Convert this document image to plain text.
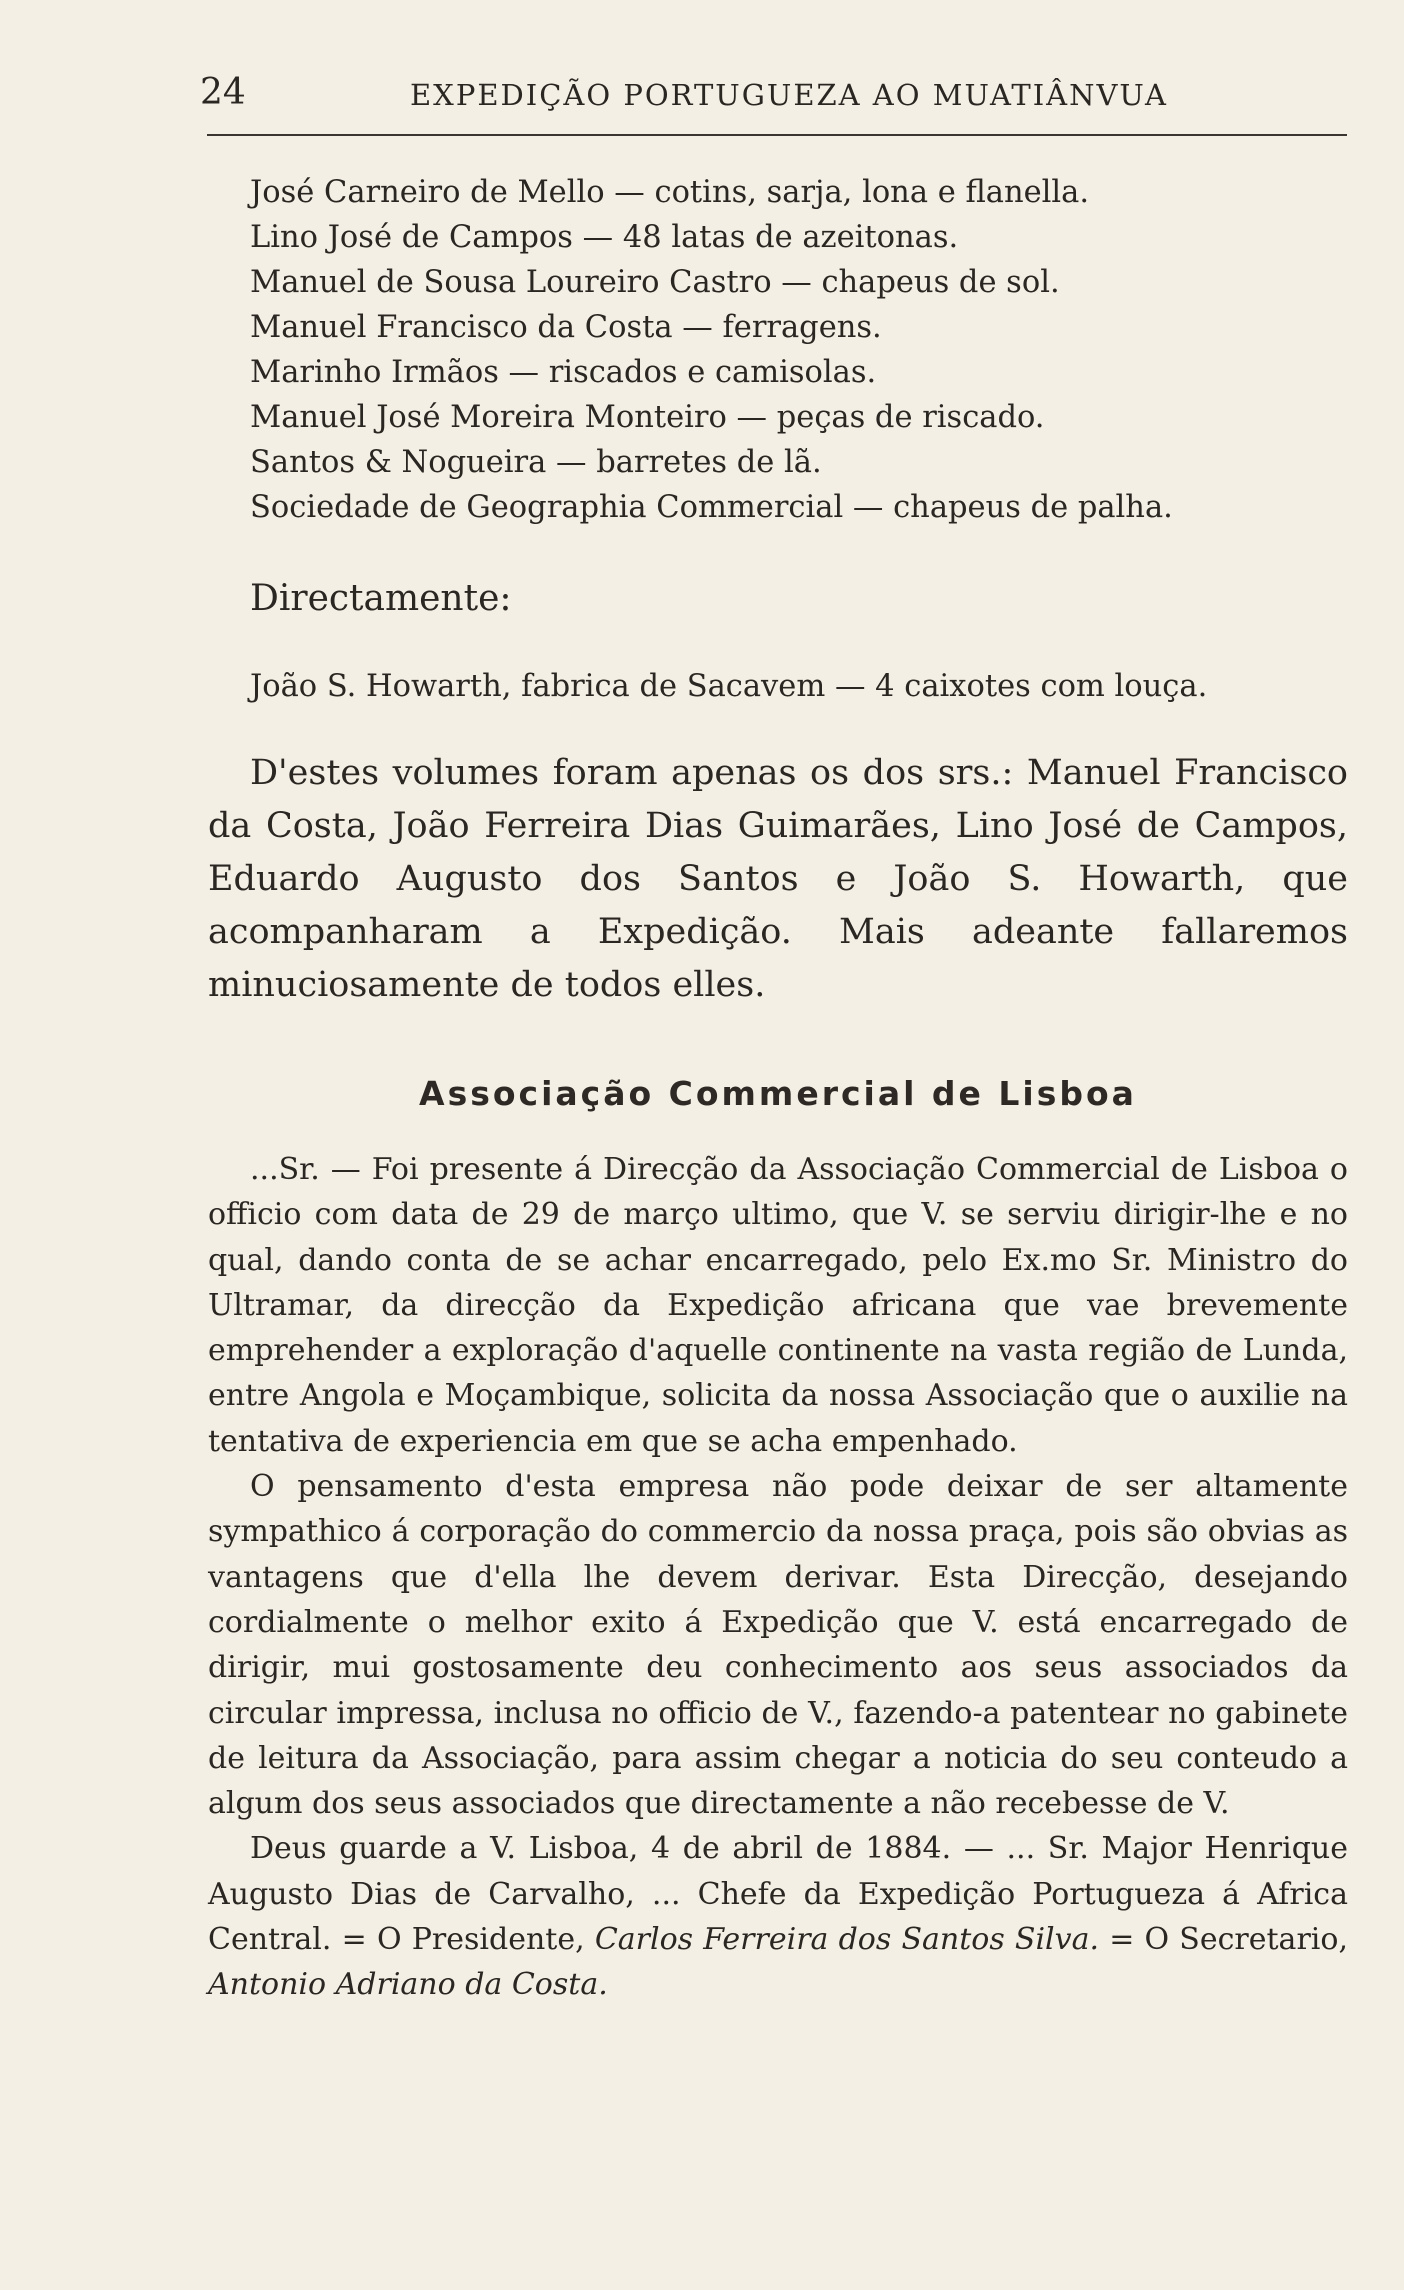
24	EXPEDIÇÃO PORTUGUEZA AO MUATIÂNVUA
José Carneiro de Mello — cotins, sarja, lona e flanella.
Lino José de Campos — 48 latas de azeitonas.
Manuel de Sousa Loureiro Castro — chapeus de sol.
Manuel Francisco da Costa — ferragens.
Marinho Irmãos — riscados e camisolas.
Manuel José Moreira Monteiro — peças de riscado.
Santos & Nogueira — barretes de lã.
Sociedade de Geographia Commercial — chapeus de palha.
Directamente:
João S. Howarth, fabrica de Sacavem — 4 caixotes com louça.

D'estes volumes foram apenas os dos srs.: Manuel Francisco da Costa, João Ferreira Dias Guimarães, Lino José de Campos, Eduardo Augusto dos Santos e João S. Howarth, que acompanharam a Expedição. Mais adeante fallaremos minuciosamente de todos elles.

Associação Commercial de Lisboa

...Sr. — Foi presente á Direcção da Associação Commercial de Lisboa o officio com data de 29 de março ultimo, que V. se serviu dirigir-lhe e no qual, dando conta de se achar encarregado, pelo Ex.mo Sr. Ministro do Ultramar, da direcção da Expedição africana que vae brevemente emprehender a exploração d'aquelle continente na vasta região de Lunda, entre Angola e Moçambique, solicita da nossa Associação que o auxilie na tentativa de experiencia em que se acha empenhado.

O pensamento d'esta empresa não pode deixar de ser altamente sympathico á corporação do commercio da nossa praça, pois são obvias as vantagens que d'ella lhe devem derivar. Esta Direcção, desejando cordialmente o melhor exito á Expedição que V. está encarregado de dirigir, mui gostosamente deu conhecimento aos seus associados da circular impressa, inclusa no officio de V., fazendo-a patentear no gabinete de leitura da Associação, para assim chegar a noticia do seu conteudo a algum dos seus associados que directamente a não recebesse de V.

Deus guarde a V. Lisboa, 4 de abril de 1884. — ... Sr. Major Henrique Augusto Dias de Carvalho, ... Chefe da Expedição Portugueza á Africa Central. = O Presidente, Carlos Ferreira dos Santos Silva. = O Secretario, Antonio Adriano da Costa.
